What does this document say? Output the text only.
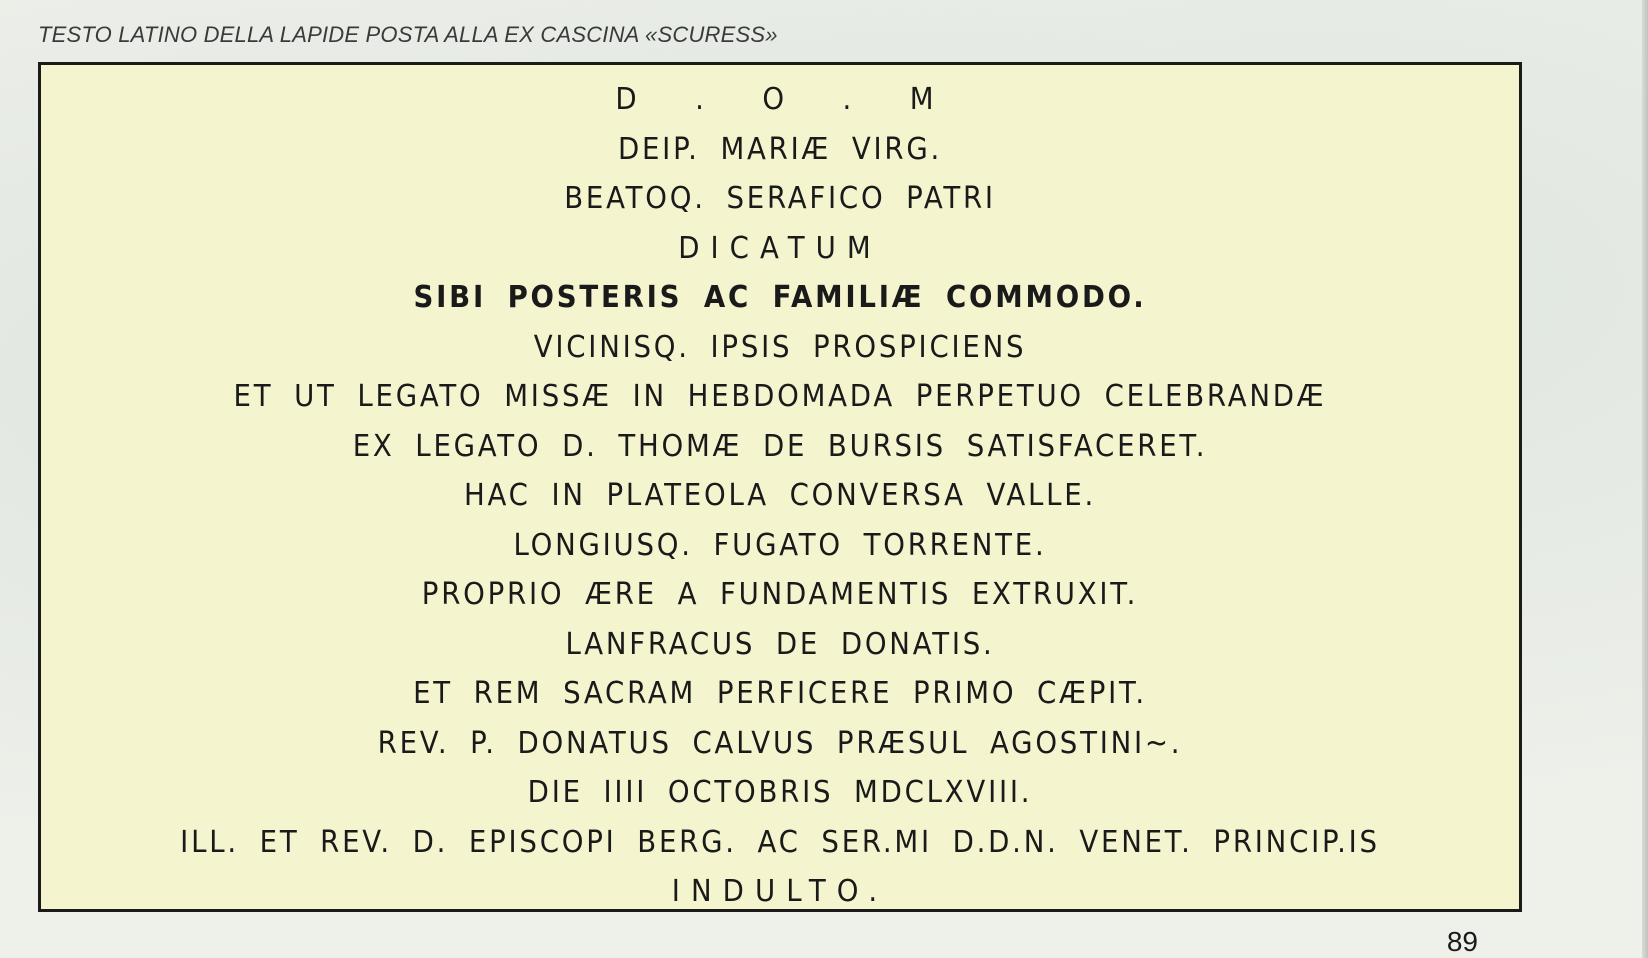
TESTO LATINO DELLA LAPIDE POSTA ALLA EX CASCINA «SCURESS»
D . O . M
DEIP. MARIÆ VIRG.
BEATOQ. SERAFICO PATRI
DICATUM
SIBI POSTERIS AC FAMILIÆ COMMODO.
VICINISQ. IPSIS PROSPICIENS
ET UT LEGATO MISSÆ IN HEBDOMADA PERPETUO CELEBRANDÆ
EX LEGATO D. THOMÆ DE BURSIS SATISFACERET.
HAC IN PLATEOLA CONVERSA VALLE.
LONGIUSQ. FUGATO TORRENTE.
PROPRIO ÆRE A FUNDAMENTIS EXTRUXIT.
LANFRACUS DE DONATIS.
ET REM SACRAM PERFICERE PRIMO CÆPIT.
REV. P. DONATUS CALVUS PRÆSUL AGOSTINI~.
DIE IIII OCTOBRIS MDCLXVIII.
ILL. ET REV. D. EPISCOPI BERG. AC SER.MI D.D.N. VENET. PRINCIP.IS
INDULTO.
89
